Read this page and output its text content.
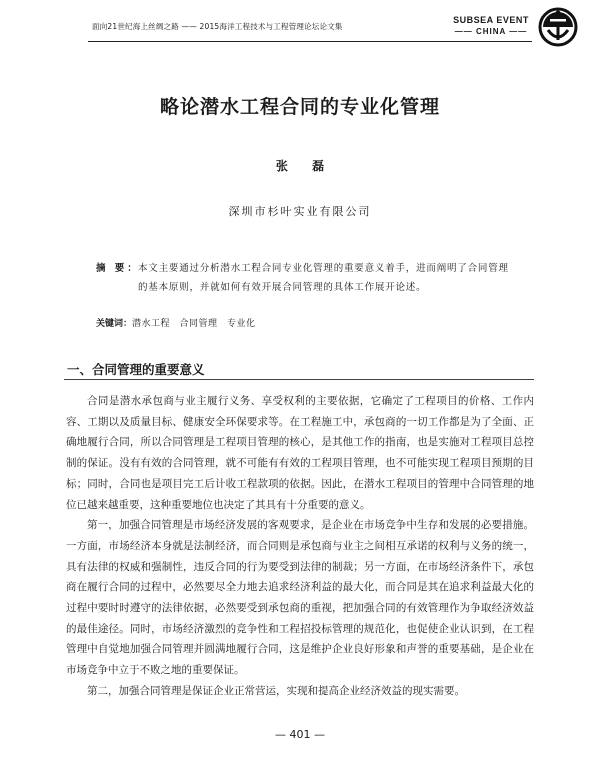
面向21世纪海上丝绸之路 —— 2015海洋工程技术与工程管理论坛论文集
SUBSEA EVENT
—— CHINA ——
略论潜水工程合同的专业化管理
张 磊
深圳市杉叶实业有限公司
摘 要：
本文主要通过分析潜水工程合同专业化管理的重要意义着手，进而阐明了合同管理的基本原则，并就如何有效开展合同管理的具体工作展开论述。
关键词：潜水工程　合同管理　专业化
一、合同管理的重要意义

合同是潜水承包商与业主履行义务、享受权利的主要依据，它确定了工程项目的价格、工作内容、工期以及质量目标、健康安全环保要求等。在工程施工中，承包商的一切工作都是为了全面、正确地履行合同，所以合同管理是工程项目管理的核心，是其他工作的指南，也是实施对工程项目总控制的保证。没有有效的合同管理，就不可能有有效的工程项目管理，也不可能实现工程项目预期的目标；同时，合同也是项目完工后计收工程款项的依据。因此，在潜水工程项目的管理中合同管理的地位已越来越重要，这种重要地位也决定了其具有十分重要的意义。

第一，加强合同管理是市场经济发展的客观要求，是企业在市场竞争中生存和发展的必要措施。一方面，市场经济本身就是法制经济，而合同则是承包商与业主之间相互承诺的权利与义务的统一，具有法律的权威和强制性，违反合同的行为要受到法律的制裁；另一方面，在市场经济条件下，承包商在履行合同的过程中，必然要尽全力地去追求经济利益的最大化，而合同是其在追求利益最大化的过程中要时时遵守的法律依据，必然要受到承包商的重视，把加强合同的有效管理作为争取经济效益的最佳途径。同时，市场经济激烈的竞争性和工程招投标管理的规范化，也促使企业认识到，在工程管理中自觉地加强合同管理并圆满地履行合同，这是维护企业良好形象和声誉的重要基础，是企业在市场竞争中立于不败之地的重要保证。

第二，加强合同管理是保证企业正常营运，实现和提高企业经济效益的现实需要。

— 401 —
